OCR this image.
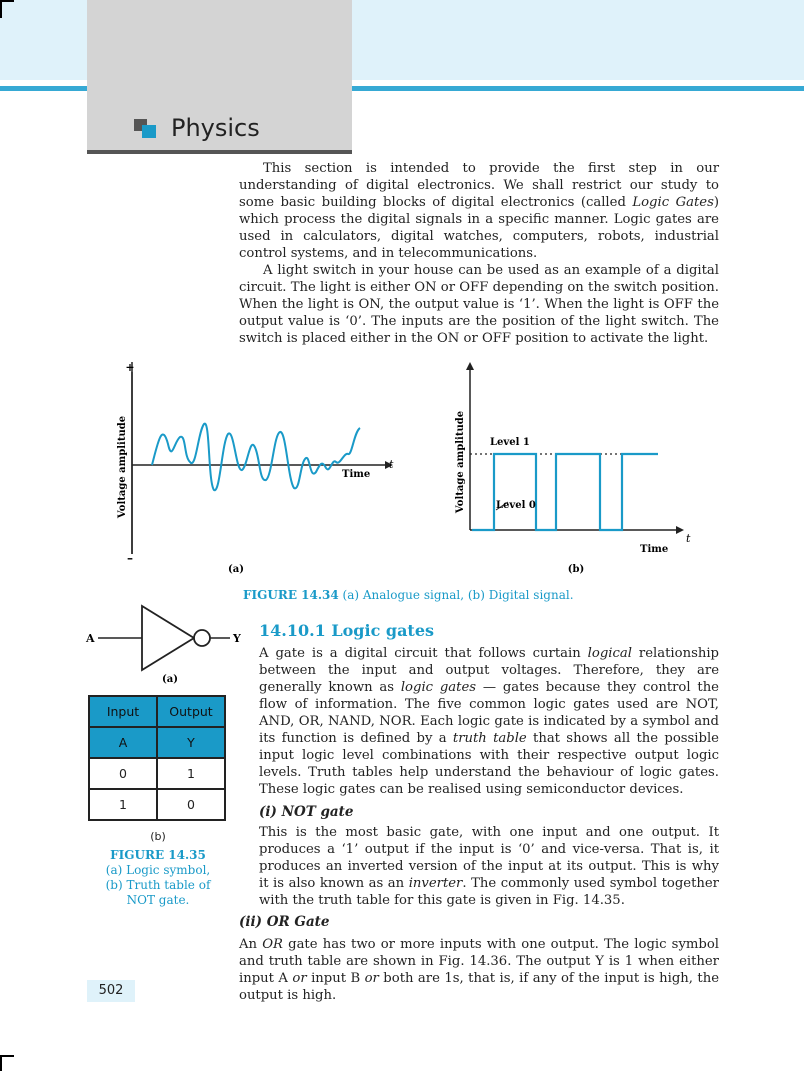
Physics
This section is intended to provide the first step in our understanding of digital electronics. We shall restrict our study to some basic building blocks of digital electronics (called Logic Gates) which process the digital signals in a specific manner. Logic gates are used in calculators, digital watches, computers, robots, industrial control systems, and in telecommunications.
A light switch in your house can be used as an example of a digital circuit. The light is either ON or OFF depending on the switch position. When the light is ON, the output value is ‘1’. When the light is OFF the output value is ‘0’. The inputs are the position of the light switch. The switch is placed either in the ON or OFF position to activate the light.
+
–
Voltage amplitude	Time
t
(a)
Voltage amplitude Level 1
Level 0
Time
t
(b)
FIGURE 14.34 (a) Analogue signal, (b) Digital signal.
A	Y
(a)
Input	Output
A	Y
0	1
1	0
(b)
FIGURE 14.35
(a) Logic symbol,
(b) Truth table of
NOT gate.
14.10.1 Logic gates
A gate is a digital circuit that follows curtain logical relationship between the input and output voltages. Therefore, they are generally known as logic gates — gates because they control the flow of information. The five common logic gates used are NOT, AND, OR, NAND, NOR. Each logic gate is indicated by a symbol and its function is defined by a truth table that shows all the possible input logic level combinations with their respective output logic levels. Truth tables help understand the behaviour of logic gates. These logic gates can be realised using semiconductor devices.
(i) NOT gate
This is the most basic gate, with one input and one output. It produces a ‘1’ output if the input is ‘0’ and vice-versa. That is, it produces an inverted version of the input at its output. This is why it is also known as an inverter. The commonly used symbol together with the truth table for this gate is given in Fig. 14.35.
(ii) OR Gate
An OR gate has two or more inputs with one output. The logic symbol and truth table are shown in Fig. 14.36. The output Y is 1 when either input A or input B or both are 1s, that is, if any of the input is high, the output is high.
502
